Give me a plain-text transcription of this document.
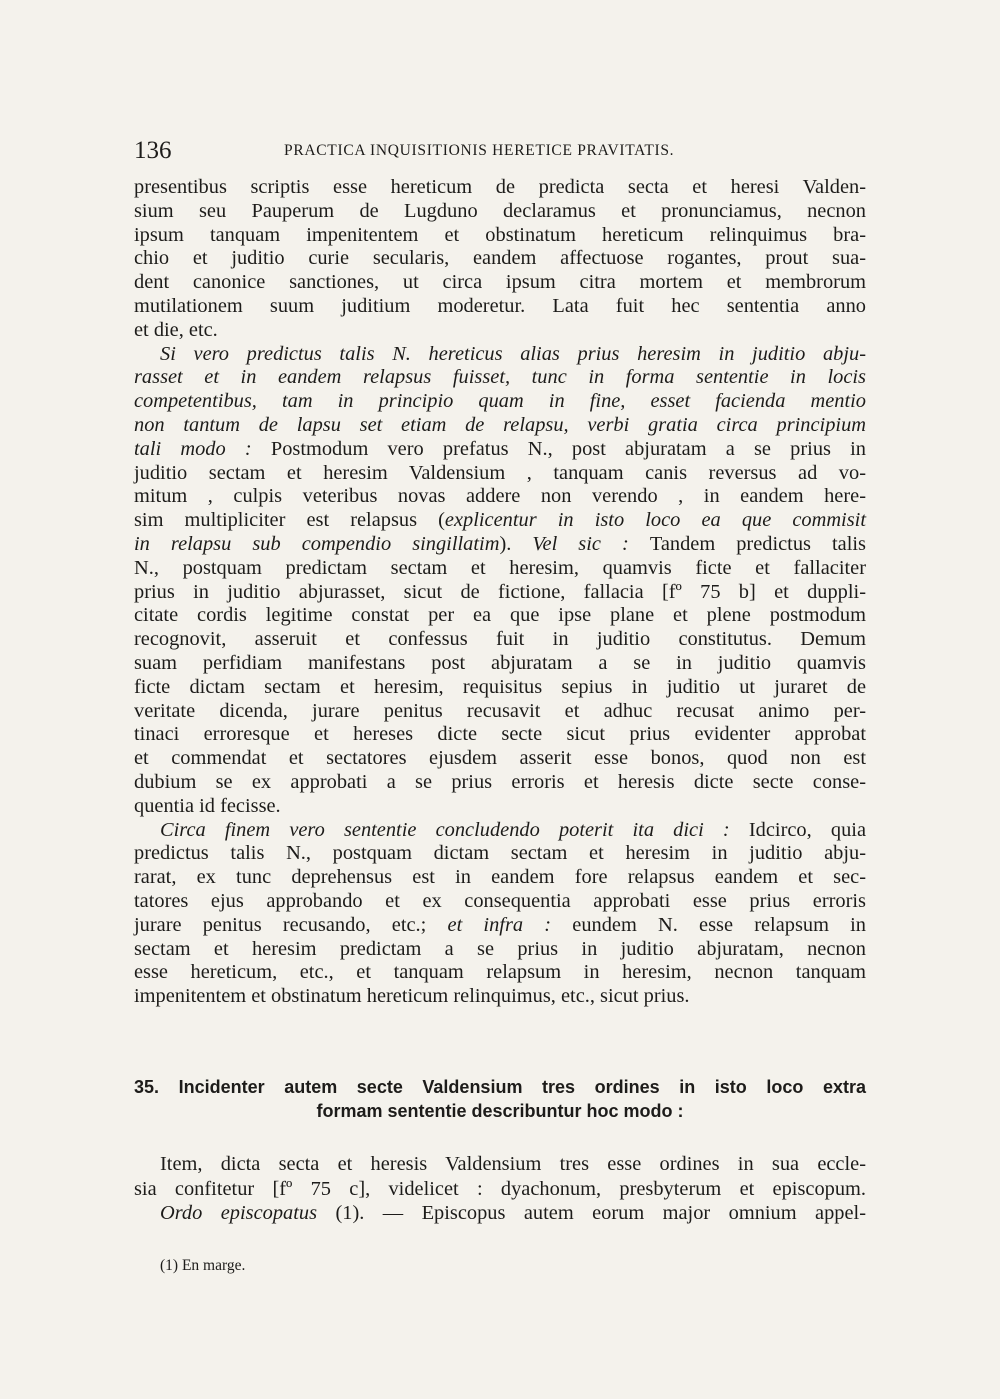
136	PRACTICA INQUISITIONIS HERETICE PRAVITATIS.
presentibus scriptis esse hereticum de predicta secta et heresi Valden-
sium seu Pauperum de Lugduno declaramus et pronunciamus, necnon
ipsum tanquam impenitentem et obstinatum hereticum relinquimus bra-
chio et juditio curie secularis, eandem affectuose rogantes, prout sua-
dent canonice sanctiones, ut circa ipsum citra mortem et membrorum
mutilationem suum juditium moderetur. Lata fuit hec sententia anno
et die, etc.
Si vero predictus talis N. hereticus alias prius heresim in juditio abju-
rasset et in eandem relapsus fuisset, tunc in forma sententie in locis
competentibus, tam in principio quam in fine, esset facienda mentio
non tantum de lapsu set etiam de relapsu, verbi gratia circa principium
tali modo : Postmodum vero prefatus N., post abjuratam a se prius in
juditio sectam et heresim Valdensium , tanquam canis reversus ad vo-
mitum , culpis veteribus novas addere non verendo , in eandem here-
sim multipliciter est relapsus (explicentur in isto loco ea que commisit
in relapsu sub compendio singillatim). Vel sic : Tandem predictus talis
N., postquam predictam sectam et heresim, quamvis ficte et fallaciter
prius in juditio abjurasset, sicut de fictione, fallacia [fº 75 b] et duppli-
citate cordis legitime constat per ea que ipse plane et plene postmodum
recognovit, asseruit et confessus fuit in juditio constitutus. Demum
suam perfidiam manifestans post abjuratam a se in juditio quamvis
ficte dictam sectam et heresim, requisitus sepius in juditio ut juraret de
veritate dicenda, jurare penitus recusavit et adhuc recusat animo per-
tinaci erroresque et hereses dicte secte sicut prius evidenter approbat
et commendat et sectatores ejusdem asserit esse bonos, quod non est
dubium se ex approbati a se prius erroris et heresis dicte secte conse-
quentia id fecisse.
Circa finem vero sententie concludendo poterit ita dici : Idcirco, quia
predictus talis N., postquam dictam sectam et heresim in juditio abju-
rarat, ex tunc deprehensus est in eandem fore relapsus eandem et sec-
tatores ejus approbando et ex consequentia approbati esse prius erroris
jurare penitus recusando, etc.; et infra : eundem N. esse relapsum in
sectam et heresim predictam a se prius in juditio abjuratam, necnon
esse hereticum, etc., et tanquam relapsum in heresim, necnon tanquam
impenitentem et obstinatum hereticum relinquimus, etc., sicut prius.
35. Incidenter autem secte Valdensium tres ordines in isto loco extra
formam sententie describuntur hoc modo :
Item, dicta secta et heresis Valdensium tres esse ordines in sua eccle-
sia confitetur [fº 75 c], videlicet : dyachonum, presbyterum et episcopum.
Ordo episcopatus (1). — Episcopus autem eorum major omnium appel-
(1) En marge.
